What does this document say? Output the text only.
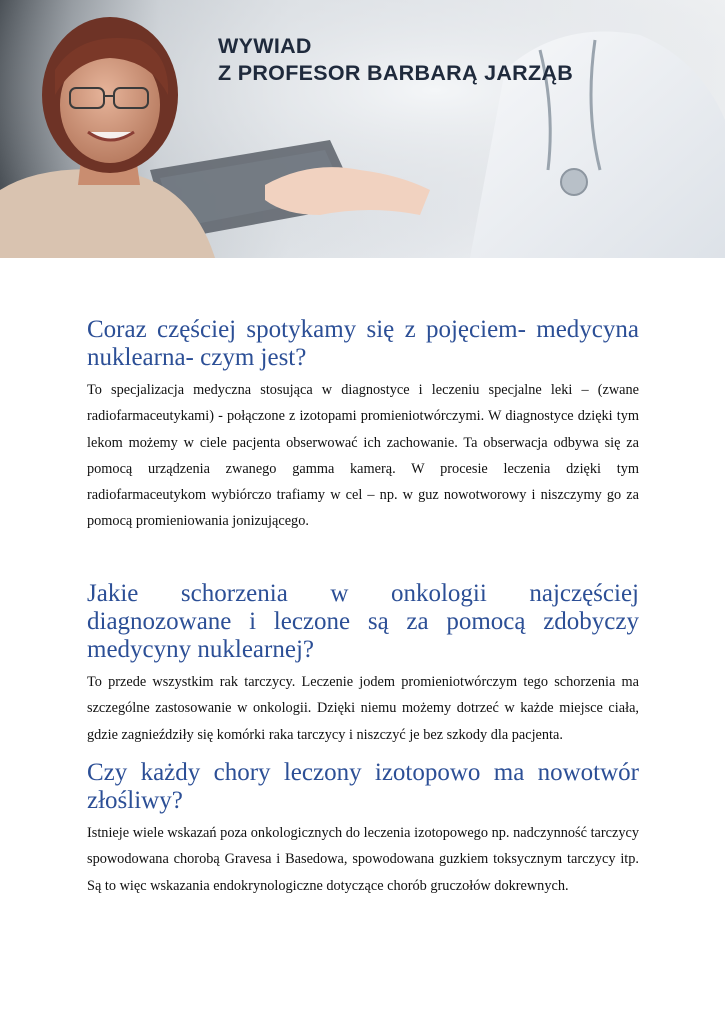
WYWIAD
Z PROFESOR BARBARĄ JARZĄB
Coraz częściej spotykamy się z pojęciem- medycyna nuklearna- czym jest?

To specjalizacja medyczna stosująca w diagnostyce i leczeniu specjalne leki – (zwane radiofarmaceutykami) - połączone z izotopami promieniotwórczymi. W diagnostyce dzięki tym lekom możemy w ciele pacjenta obserwować ich zachowanie. Ta obserwacja odbywa się za pomocą urządzenia zwanego gamma kamerą. W procesie leczenia dzięki tym radiofarmaceutykom wybiórczo trafiamy w cel – np. w guz nowotworowy i niszczymy go za pomocą promieniowania jonizującego.

Jakie schorzenia w onkologii najczęściej diagnozowane i leczone są za pomocą zdobyczy medycyny nuklearnej?

To przede wszystkim rak tarczycy. Leczenie jodem promieniotwórczym tego schorzenia ma szczególne zastosowanie w onkologii. Dzięki niemu możemy dotrzeć w każde miejsce ciała, gdzie zagnieździły się komórki raka tarczycy i niszczyć je bez szkody dla pacjenta.

Czy każdy chory leczony izotopowo ma nowotwór złośliwy?

Istnieje wiele wskazań poza onkologicznych do leczenia izotopowego np. nadczynność tarczycy spowodowana chorobą Gravesa i Basedowa, spowodowana guzkiem toksycznym tarczycy itp. Są to więc wskazania endokrynologiczne dotyczące chorób gruczołów dokrewnych.
